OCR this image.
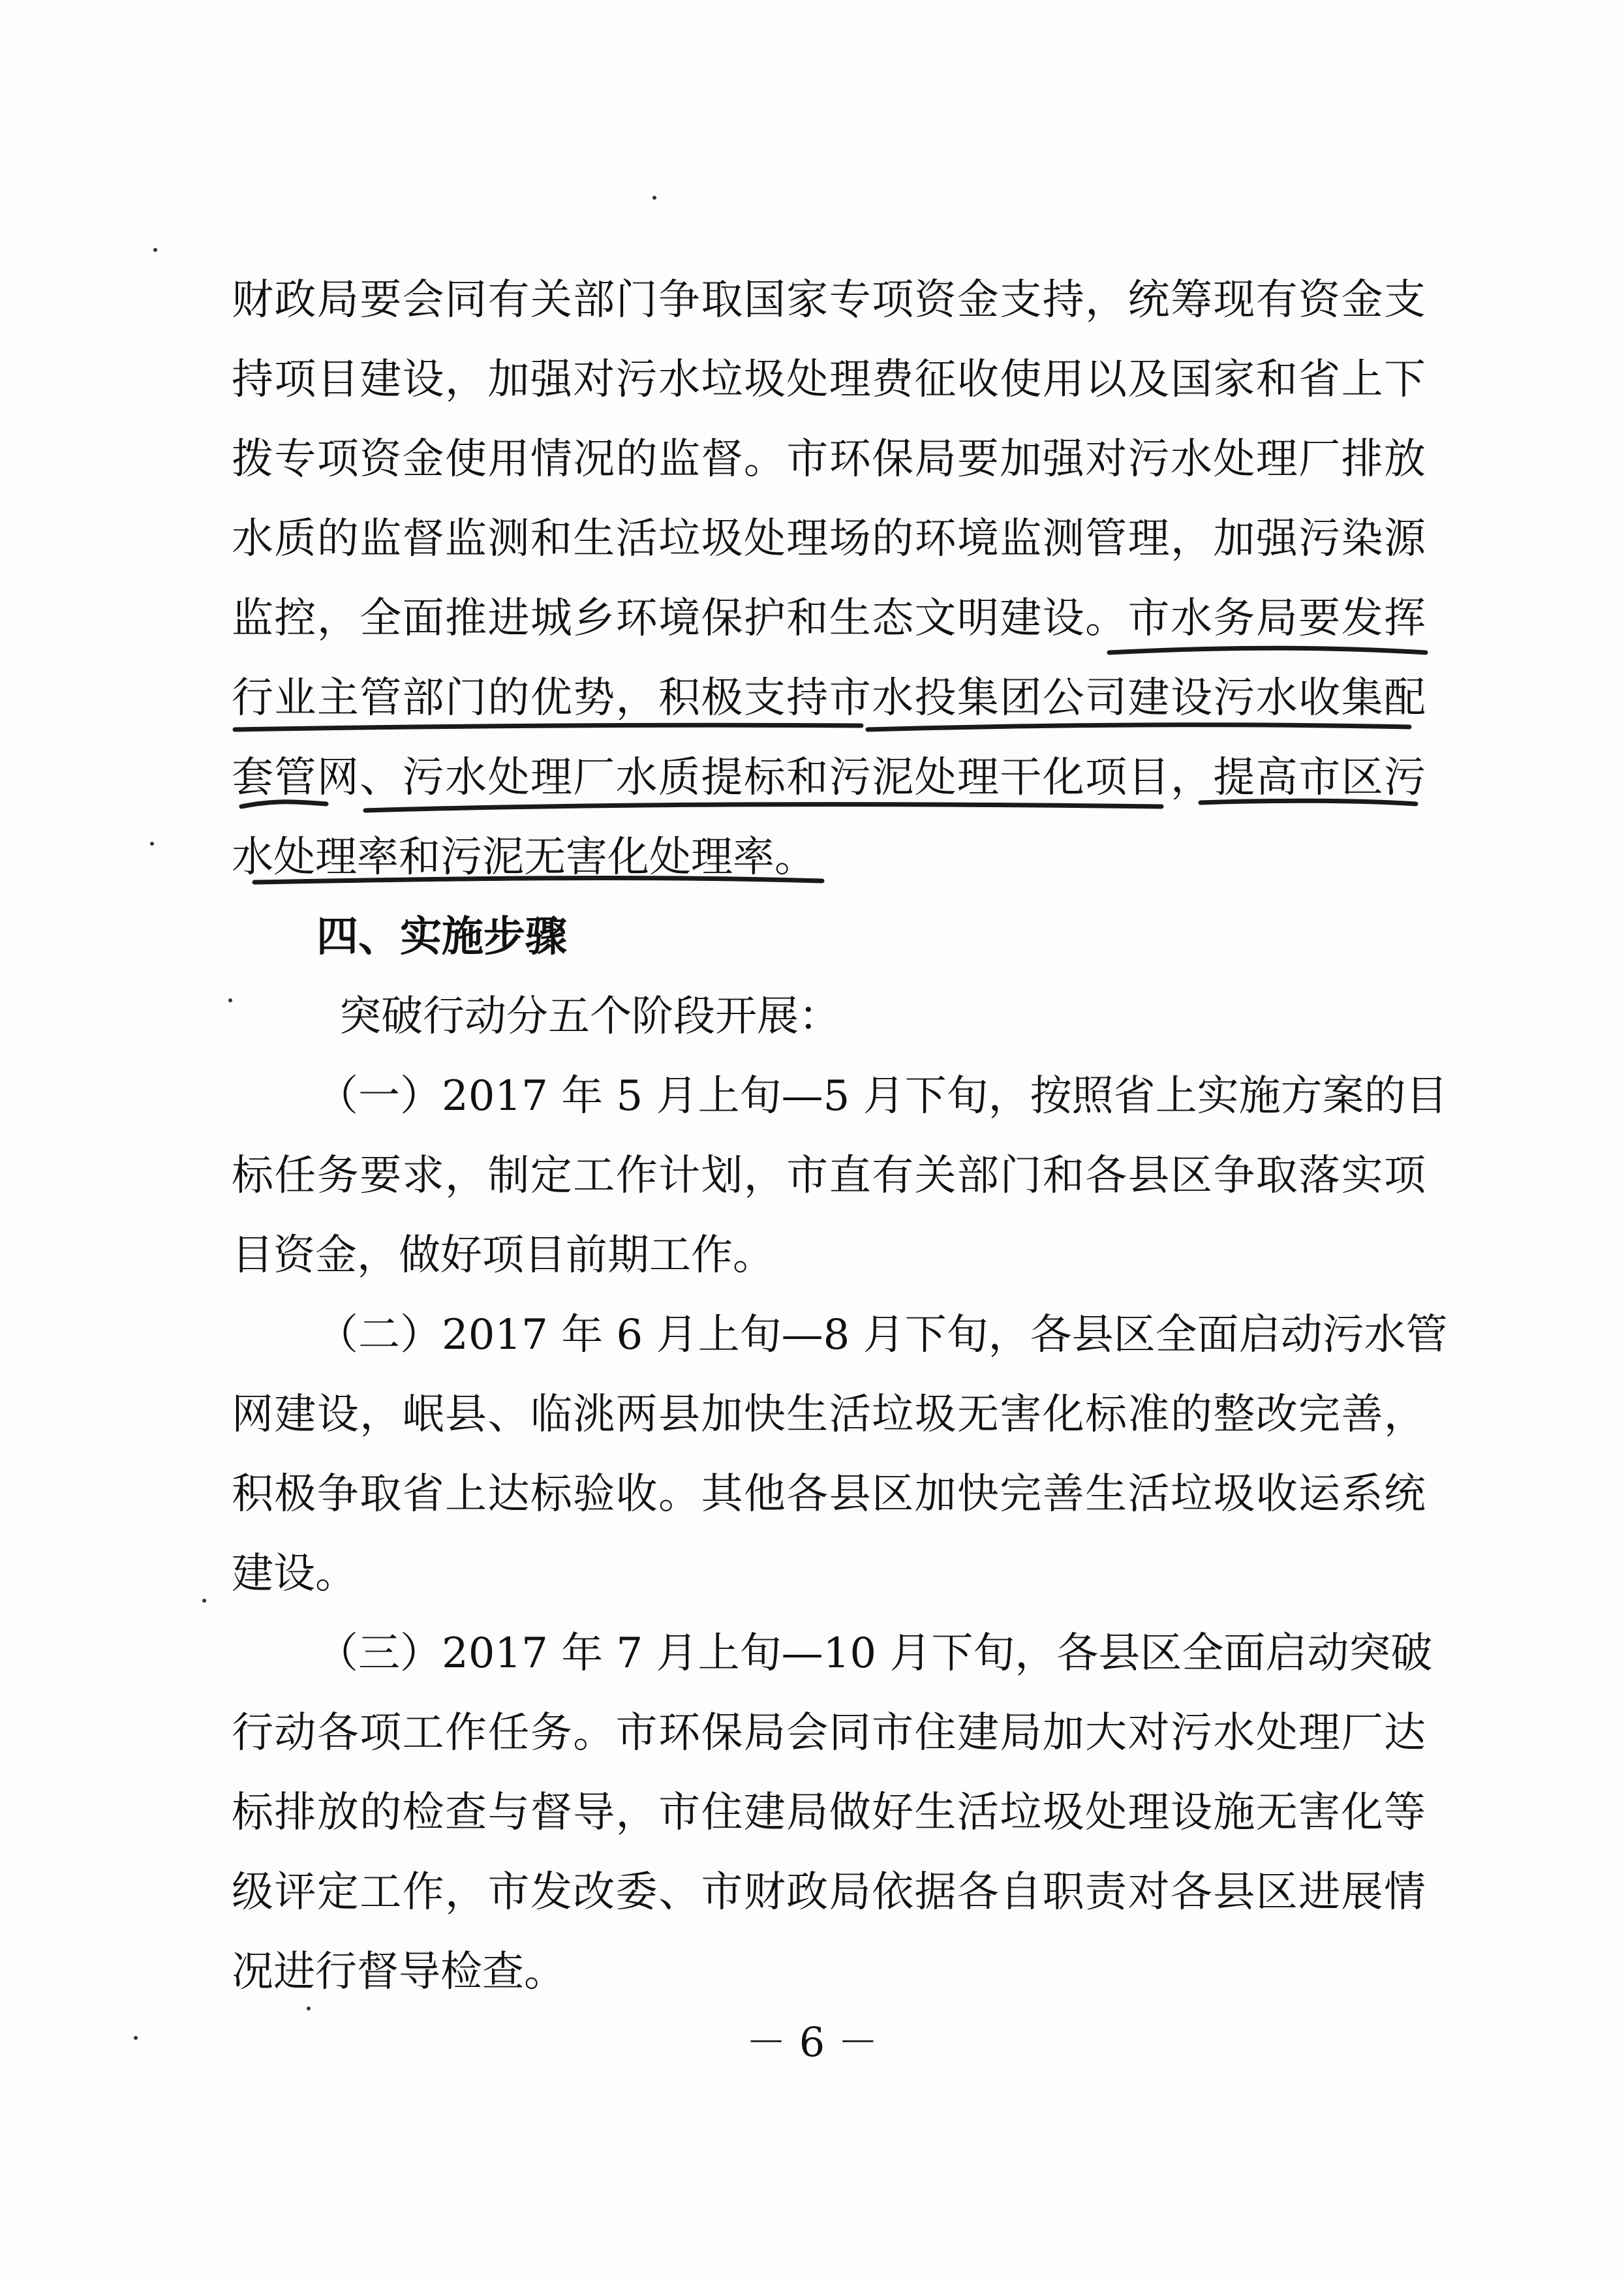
财政局要会同有关部门争取国家专项资金支持，统筹现有资金支
持项目建设，加强对污水垃圾处理费征收使用以及国家和省上下
拨专项资金使用情况的监督。市环保局要加强对污水处理厂排放
水质的监督监测和生活垃圾处理场的环境监测管理，加强污染源
监控，全面推进城乡环境保护和生态文明建设。市水务局要发挥
行业主管部门的优势，积极支持市水投集团公司建设污水收集配
套管网、污水处理厂水质提标和污泥处理干化项目，提高市区污
水处理率和污泥无害化处理率。
四、实施步骤
突破行动分五个阶段开展：
（一）2017 年 5 月上旬—5 月下旬，按照省上实施方案的目
标任务要求，制定工作计划，市直有关部门和各县区争取落实项
目资金，做好项目前期工作。
（二）2017 年 6 月上旬—8 月下旬，各县区全面启动污水管
网建设，岷县、临洮两县加快生活垃圾无害化标准的整改完善，
积极争取省上达标验收。其他各县区加快完善生活垃圾收运系统
建设。
（三）2017 年 7 月上旬—10 月下旬，各县区全面启动突破
行动各项工作任务。市环保局会同市住建局加大对污水处理厂达
标排放的检查与督导，市住建局做好生活垃圾处理设施无害化等
级评定工作，市发改委、市财政局依据各自职责对各县区进展情
况进行督导检查。
－ 6 －
